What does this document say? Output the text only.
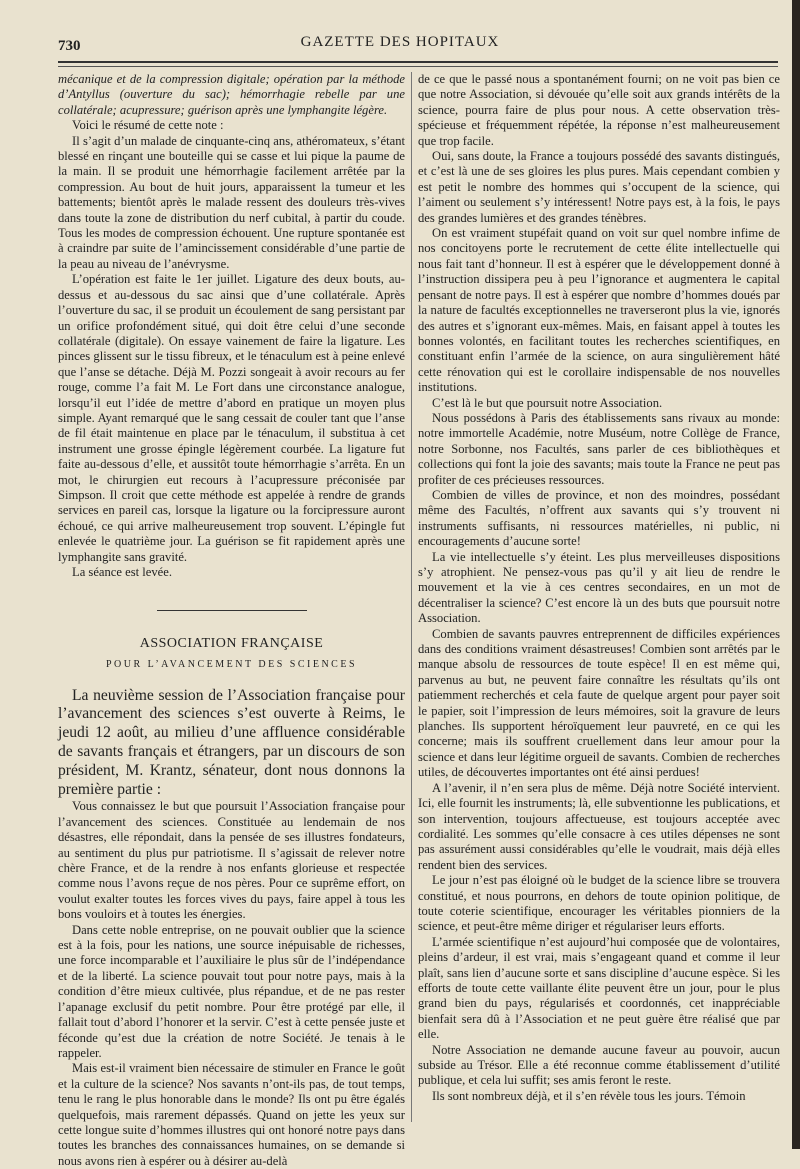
730	GAZETTE DES HOPITAUX

mécanique et de la compression digitale; opération par la méthode d’Antyllus (ouverture du sac); hémorrhagie rebelle par une collatérale; acupressure; guérison après une lymphangite légère.

Voici le résumé de cette note :

Il s’agit d’un malade de cinquante-cinq ans, athéromateux, s’étant blessé en rinçant une bouteille qui se casse et lui pique la paume de la main. Il se produit une hémorrhagie facilement arrêtée par la compression. Au bout de huit jours, apparaissent la tumeur et les battements; bientôt après le malade ressent des douleurs très-vives dans toute la zone de distribution du nerf cubital, à partir du coude. Tous les modes de compression échouent. Une rupture spontanée est à craindre par suite de l’amincissement considérable d’une partie de la peau au niveau de l’anévrysme.

L’opération est faite le 1er juillet. Ligature des deux bouts, au-dessus et au-dessous du sac ainsi que d’une collatérale. Après l’ouverture du sac, il se produit un écoulement de sang persistant par un orifice profondément situé, qui doit être celui d’une seconde collatérale (digitale). On essaye vainement de faire la ligature. Les pinces glissent sur le tissu fibreux, et le ténaculum est à peine enlevé que l’anse se détache. Déjà M. Pozzi songeait à avoir recours au fer rouge, comme l’a fait M. Le Fort dans une circonstance analogue, lorsqu’il eut l’idée de mettre d’abord en pratique un moyen plus simple. Ayant remarqué que le sang cessait de couler tant que l’anse de fil était maintenue en place par le ténaculum, il substitua à cet instrument une grosse épingle légèrement courbée. La ligature fut faite au-dessous d’elle, et aussitôt toute hémorrhagie s’arrêta. En un mot, le chirurgien eut recours à l’acupressure préconisée par Simpson. Il croit que cette méthode est appelée à rendre de grands services en pareil cas, lorsque la ligature ou la forcipressure auront échoué, ce qui arrive malheureusement trop souvent. L’épingle fut enlevée le quatrième jour. La guérison se fit rapidement après une lymphangite sans gravité.

La séance est levée.

ASSOCIATION FRANÇAISE
POUR L’AVANCEMENT DES SCIENCES

La neuvième session de l’Association française pour l’avancement des sciences s’est ouverte à Reims, le jeudi 12 août, au milieu d’une affluence considérable de savants français et étrangers, par un discours de son président, M. Krantz, sénateur, dont nous donnons la première partie :

Vous connaissez le but que poursuit l’Association française pour l’avancement des sciences. Constituée au lendemain de nos désastres, elle répondait, dans la pensée de ses illustres fondateurs, au sentiment du plus pur patriotisme. Il s’agissait de relever notre chère France, et de la rendre à nos enfants glorieuse et respectée comme nous l’avons reçue de nos pères. Pour ce suprême effort, on voulut exalter toutes les forces vives du pays, faire appel à tous les bons vouloirs et à toutes les énergies.

Dans cette noble entreprise, on ne pouvait oublier que la science est à la fois, pour les nations, une source inépuisable de richesses, une force incomparable et l’auxiliaire le plus sûr de l’indépendance et de la liberté. La science pouvait tout pour notre pays, mais à la condition d’être mieux cultivée, plus répandue, et de ne pas rester l’apanage exclusif du petit nombre. Pour être protégé par elle, il fallait tout d’abord l’honorer et la servir. C’est à cette pensée juste et féconde qu’est due la création de notre Société. Je tenais à le rappeler.

Mais est-il vraiment bien nécessaire de stimuler en France le goût et la culture de la science? Nos savants n’ont-ils pas, de tout temps, tenu le rang le plus honorable dans le monde? Ils ont pu être égalés quelquefois, mais rarement dépassés. Quand on jette les yeux sur cette longue suite d’hommes illustres qui ont honoré notre pays dans toutes les branches des connaissances humaines, on se demande si nous avons rien à espérer ou à désirer au-delà

de ce que le passé nous a spontanément fourni; on ne voit pas bien ce que notre Association, si dévouée qu’elle soit aux grands intérêts de la science, pourra faire de plus pour nous. A cette observation très-spécieuse et fréquemment répétée, la réponse n’est malheureusement que trop facile.

Oui, sans doute, la France a toujours possédé des savants distingués, et c’est là une de ses gloires les plus pures. Mais cependant combien y est petit le nombre des hommes qui s’occupent de la science, qui l’aiment ou seulement s’y intéressent! Notre pays est, à la fois, le pays des grandes lumières et des grandes ténèbres.

On est vraiment stupéfait quand on voit sur quel nombre infime de nos concitoyens porte le recrutement de cette élite intellectuelle qui nous fait tant d’honneur. Il est à espérer que le développement donné à l’instruction dissipera peu à peu l’ignorance et augmentera le capital pensant de notre pays. Il est à espérer que nombre d’hommes doués par la nature de facultés exceptionnelles ne traverseront plus la vie, ignorés des autres et s’ignorant eux-mêmes. Mais, en faisant appel à toutes les bonnes volontés, en facilitant toutes les recherches scientifiques, en constituant enfin l’armée de la science, on aura singulièrement hâté cette rénovation qui est le corollaire indispensable de nos nouvelles institutions.

C’est là le but que poursuit notre Association.

Nous possédons à Paris des établissements sans rivaux au monde: notre immortelle Académie, notre Muséum, notre Collège de France, notre Sorbonne, nos Facultés, sans parler de ces bibliothèques et collections qui font la joie des savants; mais toute la France ne peut pas profiter de ces précieuses ressources.

Combien de villes de province, et non des moindres, possédant même des Facultés, n’offrent aux savants qui s’y trouvent ni instruments suffisants, ni ressources matérielles, ni public, ni encouragements d’aucune sorte!

La vie intellectuelle s’y éteint. Les plus merveilleuses dispositions s’y atrophient. Ne pensez-vous pas qu’il y ait lieu de rendre le mouvement et la vie à ces centres secondaires, en un mot de décentraliser la science? C’est encore là un des buts que poursuit notre Association.

Combien de savants pauvres entreprennent de difficiles expériences dans des conditions vraiment désastreuses! Combien sont arrêtés par le manque absolu de ressources de toute espèce! Il en est même qui, parvenus au but, ne peuvent faire connaître les résultats qu’ils ont patiemment recherchés et cela faute de quelque argent pour payer soit le papier, soit l’impression de leurs mémoires, soit la gravure de leurs planches. Ils supportent héroïquement leur pauvreté, en ce qui les concerne; mais ils souffrent cruellement dans leur amour pour la science et dans leur légitime orgueil de savants. Combien de recherches utiles, de découvertes importantes ont été ainsi perdues!

A l’avenir, il n’en sera plus de même. Déjà notre Société intervient. Ici, elle fournit les instruments; là, elle subventionne les publications, et son intervention, toujours affectueuse, est toujours acceptée avec cordialité. Les sommes qu’elle consacre à ces utiles dépenses ne sont pas assurément aussi considérables qu’elle le voudrait, mais déjà elles rendent bien des services.

Le jour n’est pas éloigné où le budget de la science libre se trouvera constitué, et nous pourrons, en dehors de toute opinion politique, de toute coterie scientifique, encourager les véritables pionniers de la science, et peut-être même diriger et régulariser leurs efforts.

L’armée scientifique n’est aujourd’hui composée que de volontaires, pleins d’ardeur, il est vrai, mais s’engageant quand et comme il leur plaît, sans lien d’aucune sorte et sans discipline d’aucune espèce. Si les efforts de toute cette vaillante élite peuvent être un jour, pour le plus grand bien du pays, régularisés et coordonnés, cet inappréciable bienfait sera dû à l’Association et ne peut guère être réalisé que par elle.

Notre Association ne demande aucune faveur au pouvoir, aucun subside au Trésor. Elle a été reconnue comme établissement d’utilité publique, et cela lui suffit; ses amis feront le reste.

Ils sont nombreux déjà, et il s’en révèle tous les jours. Témoin
